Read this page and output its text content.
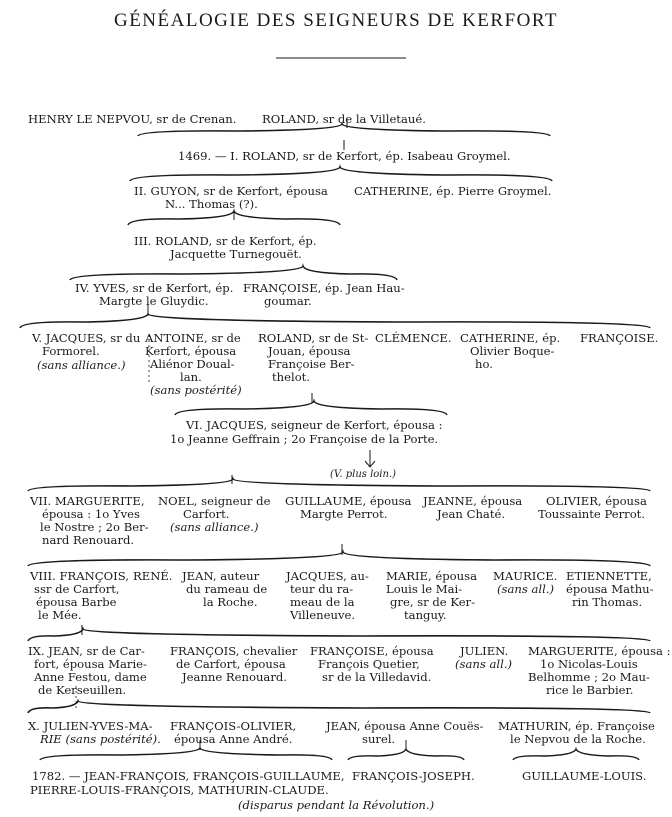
GÉNÉALOGIE DES SEIGNEURS DE KERFORT
HENRY LE NEPVOU, sr de Crenan. ROLAND, sr de la Villetaué.
1469. — I. ROLAND, sr de Kerfort, ép. Isabeau Groymel.
II. GUYON, sr de Kerfort, épousa
N... Thomas (?).
CATHERINE, ép. Pierre Groymel.
III. ROLAND, sr de Kerfort, ép.
Jacquette Turnegouët.
IV. YVES, sr de Kerfort, ép.
Margte le Gluydic.
FRANÇOISE, ép. Jean Hau-
goumar.
V. JACQUES, sr du
Formorel.
(sans alliance.)
ANTOINE, sr de
Kerfort, épousa
Aliénor Doual-
lan.
(sans postérité)
ROLAND, sr de St-
Jouan, épousa
Françoise Ber-
thelot.
CLÉMENCE. CATHERINE, ép.
Olivier Boque-
ho.
FRANÇOISE.
VI. JACQUES, seigneur de Kerfort, épousa :
1o Jeanne Geffrain ; 2o Françoise de la Porte.
(V. plus loin.)
VII. MARGUERITE,
épousa : 1o Yves
le Nostre ; 2o Ber-
nard Renouard.
NOEL, seigneur de
Carfort.
(sans alliance.)
GUILLAUME, épousa
Margte Perrot.
JEANNE, épousa
Jean Chaté.
OLIVIER, épousa
Toussainte Perrot.
VIII. FRANÇOIS,
ssr de Carfort,
épousa Barbe
le Mée.
RENÉ. JEAN, auteur
du rameau de
la Roche.
JACQUES, au-
teur du ra-
meau de la
Villeneuve.
MARIE, épousa
Louis le Mai-
gre, sr de Ker-
tanguy.
MAURICE.
(sans all.)
ETIENNETTE,
épousa Mathu-
rin Thomas.
IX. JEAN, sr de Car-
fort, épousa Marie-
Anne Festou, dame
de Kerseuillen.
FRANÇOIS, chevalier
de Carfort, épousa
Jeanne Renouard.
FRANÇOISE, épousa
François Quetier,
sr de la Villedavid.
JULIEN.
(sans all.)
MARGUERITE, épousa :
1o Nicolas-Louis
Belhomme ; 2o Mau-
rice le Barbier.
X. JULIEN-YVES-MA-
RIE (sans postérité).
FRANÇOIS-OLIVIER,
épousa Anne André.
JEAN, épousa Anne Couës-
surel.
MATHURIN, ép. Françoise
le Nepvou de la Roche.
1782. — JEAN-FRANÇOIS, FRANÇOIS-GUILLAUME,
PIERRE-LOUIS-FRANÇOIS, MATHURIN-CLAUDE.
FRANÇOIS-JOSEPH.	GUILLAUME-LOUIS.
(disparus pendant la Révolution.)
